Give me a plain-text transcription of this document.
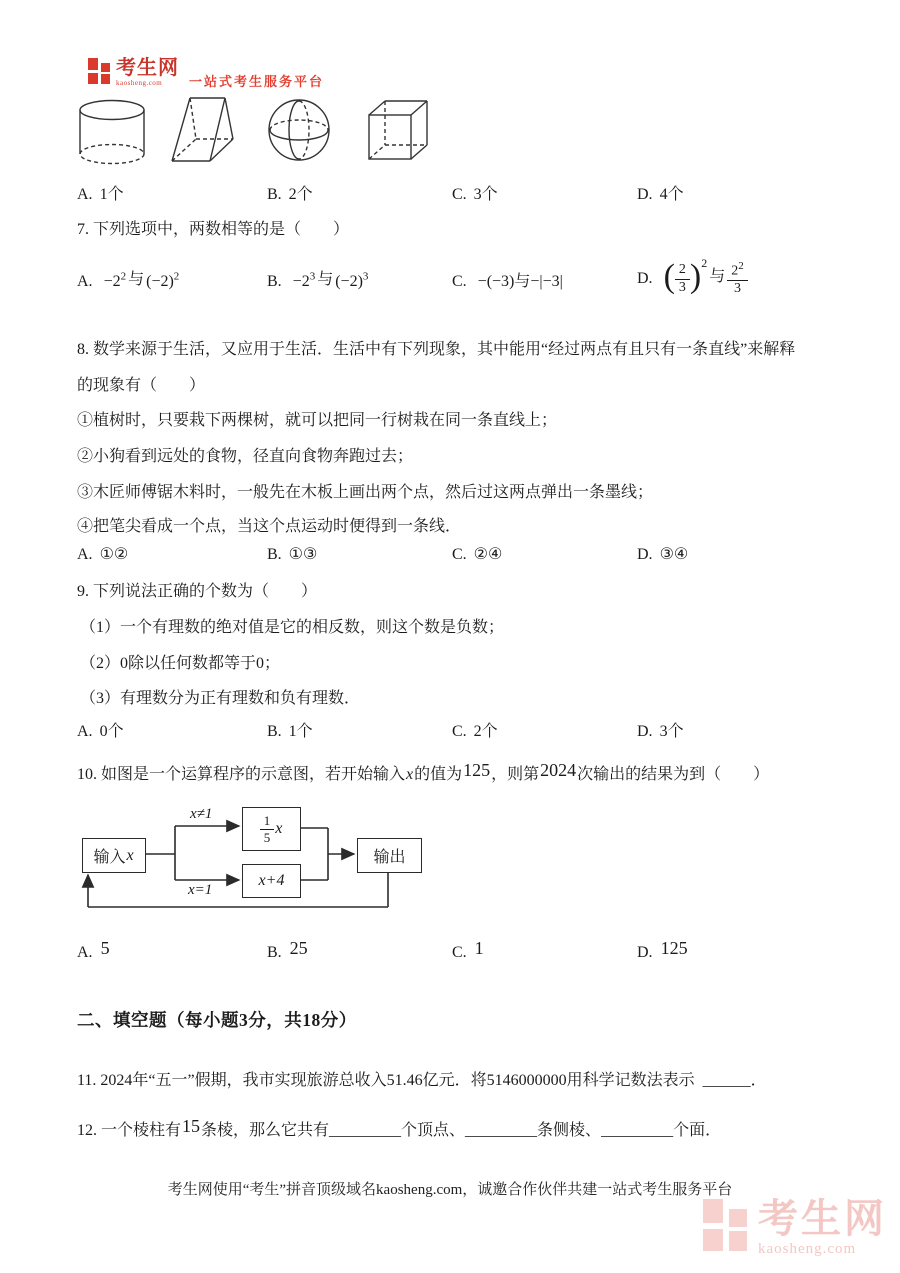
考生网
kaosheng.com	一站式考生服务平台
A. 1个	B. 2个	C. 3个	D. 4个
7. 下列选项中，两数相等的是（　　）
A. $-2^2$ 与 $(-2)^2$	B. $-2^3$ 与 $(-2)^3$	C. −(−3)与−|−3|	D. ( $\frac{2}{3} )^2$与 $\frac{2^2}{3}$
8. 数学来源于生活，又应用于生活．生活中有下列现象，其中能用“经过两点有且只有一条直线”来解释
的现象有（　　）
①植树时，只要栽下两棵树，就可以把同一行树栽在同一条直线上；
②小狗看到远处的食物，径直向食物奔跑过去；
③木匠师傅锯木料时，一般先在木板上画出两个点，然后过这两点弹出一条墨线；
④把笔尖看成一个点，当这个点运动时便得到一条线．
A. ①②	B. ①③	C. ②④	D. ③④
9. 下列说法正确的个数为（　　）
（1）一个有理数的绝对值是它的相反数，则这个数是负数；
（2）0除以任何数都等于0；
（3）有理数分为正有理数和负有理数．
A. 0个	B. 1个	C. 2个	D. 3个
10. 如图是一个运算程序的示意图，若开始输入x的值为125，则第2024次输出的结果为到（　　）
输入 x
x≠1
x=1
$\frac{1}{5}$ x
x+4
输出
A. 5	B. 25	C. 1	D. 125
二、填空题（每小题3分，共18分）
11. 2024年“五一”假期，我市实现旅游总收入51.46亿元．将5146000000用科学记数法表示 ______．
12. 一个棱柱有15条棱，那么它共有_________个顶点、_________条侧棱、_________个面．
考生网使用“考生”拼音顶级域名kaosheng.com，诚邀合作伙伴共建一站式考生服务平台
考生网
kaosheng.com
